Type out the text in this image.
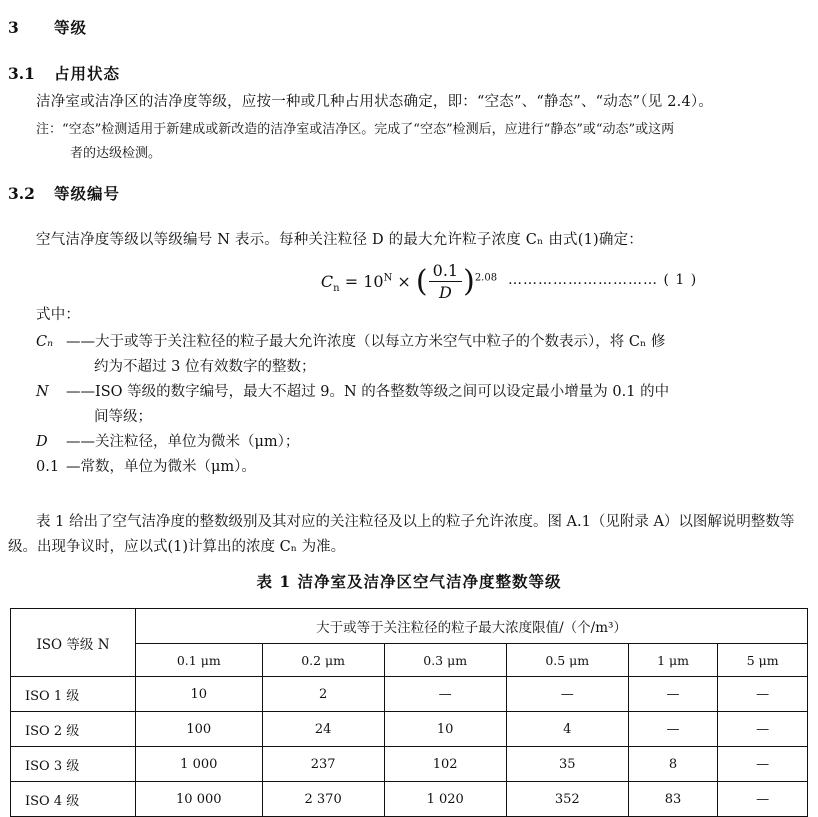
3	等级
3.1	占用状态
洁净室或洁净区的洁净度等级，应按一种或几种占用状态确定，即：“空态”、“静态”、“动态”（见 2.4）。
注：“空态”检测适用于新建成或新改造的洁净室或洁净区。完成了“空态”检测后，应进行“静态”或“动态”或这两
者的达级检测。
3.2	等级编号
空气洁净度等级以等级编号 N 表示。每种关注粒径 D 的最大允许粒子浓度 Cₙ 由式(1)确定：
$C_n = 10^N$ × ( $\frac{0.1}{D} )^{2.08}$ ………………………… ( 1 )
式中：
Cₙ ——大于或等于关注粒径的粒子最大允许浓度（以每立方米空气中粒子的个数表示），将 Cₙ 修
约为不超过 3 位有效数字的整数；
N	——ISO 等级的数字编号，最大不超过 9。N 的各整数等级之间可以设定最小增量为 0.1 的中
间等级；
D	——关注粒径，单位为微米（μm）；
0.1 —常数，单位为微米（μm）。
表 1 给出了空气洁净度的整数级别及其对应的关注粒径及以上的粒子允许浓度。图 A.1（见附录 A）以图解说明整数等级。出现争议时，应以式(1)计算出的浓度 Cₙ 为准。
表 1 洁净室及洁净区空气洁净度整数等级
ISO 等级 N	大于或等于关注粒径的粒子最大浓度限值/（个/m³）					
	0.1 μm	0.2 μm	0.3 μm	0.5 μm	1 μm	5 μm
ISO 1 级	10	2	—	—	—	—
ISO 2 级	100	24	10	4	—	—
ISO 3 级	1 000	237	102	35	8	—
ISO 4 级	10 000	2 370	1 020	352	83	—
